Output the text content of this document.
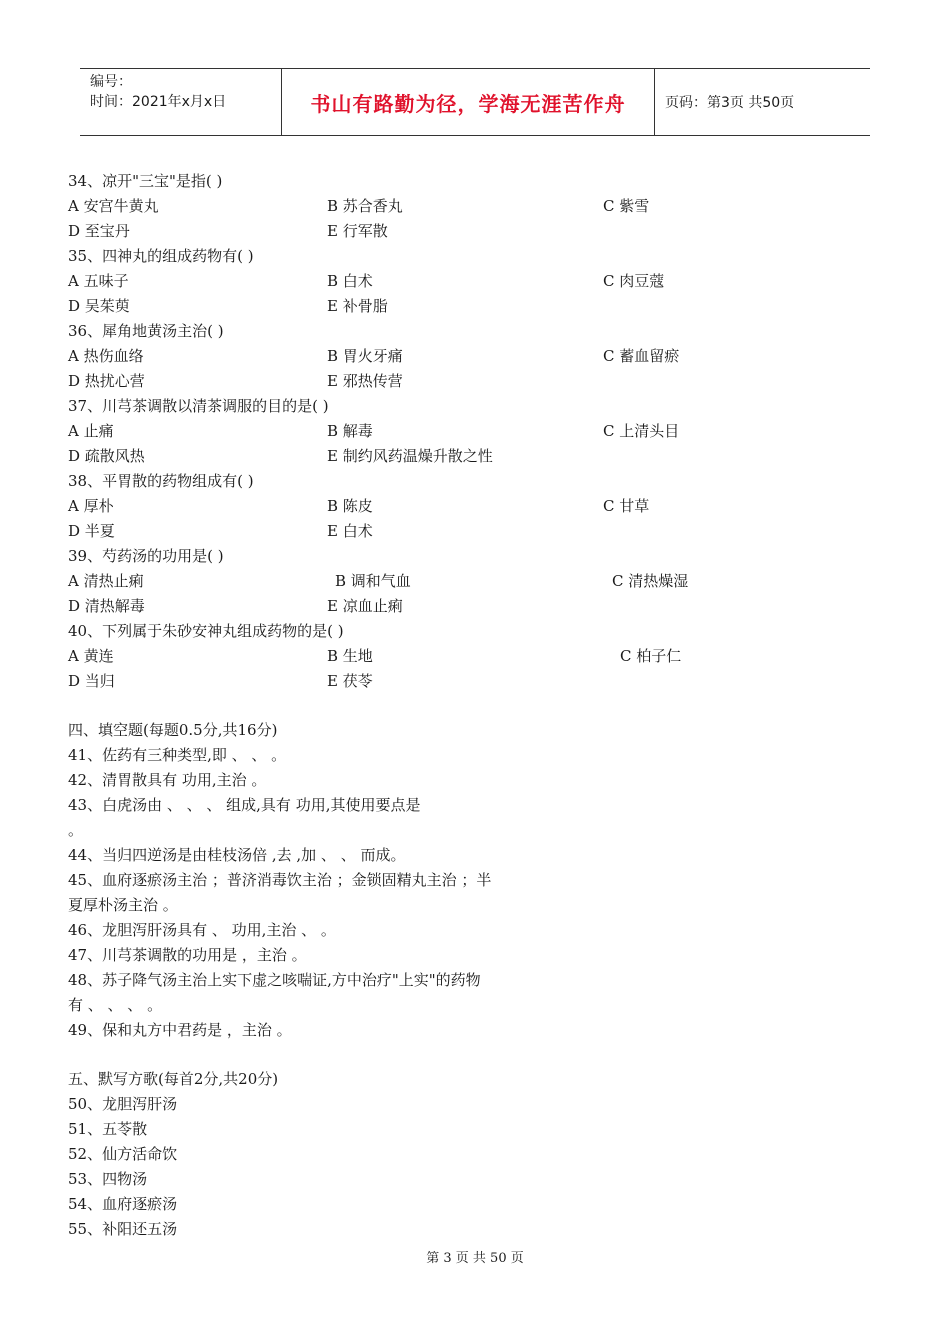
编号：
时间：2021年x月x日	书山有路勤为径，学海无涯苦作舟	页码：第3页 共50页
34、凉开"三宝"是指( )
A 安宫牛黄丸	B 苏合香丸	C 紫雪
D 至宝丹	E 行军散
35、四神丸的组成药物有( )
A 五味子	B 白术	C 肉豆蔻
D 吴茱萸	E 补骨脂
36、犀角地黄汤主治( )
A 热伤血络	B 胃火牙痛	C 蓄血留瘀
D 热扰心营	E 邪热传营
37、川芎茶调散以清茶调服的目的是( )
A 止痛	B 解毒	C 上清头目
D 疏散风热	E 制约风药温燥升散之性
38、平胃散的药物组成有( )
A 厚朴	B 陈皮	C 甘草
D 半夏	E 白术
39、芍药汤的功用是( )
A 清热止痢	B 调和气血	C 清热燥湿
D 清热解毒	E 凉血止痢
40、下列属于朱砂安神丸组成药物的是( )
A 黄连	B 生地	C 柏子仁
D 当归	E 茯苓
四、填空题(每题0.5分,共16分)
41、佐药有三种类型,即 、 、 。
42、清胃散具有 功用,主治 。
43、白虎汤由 、 、 、 组成,具有 功用,其使用要点是
。
44、当归四逆汤是由桂枝汤倍 ,去 ,加 、 、 而成。
45、血府逐瘀汤主治 ；普济消毒饮主治 ；金锁固精丸主治 ；半
夏厚朴汤主治 。
46、龙胆泻肝汤具有 、 功用,主治 、 。
47、川芎茶调散的功用是 ，主治 。
48、苏子降气汤主治上实下虚之咳喘证,方中治疗"上实"的药物
有 、 、 、 。
49、保和丸方中君药是 ，主治 。
五、默写方歌(每首2分,共20分)
50、龙胆泻肝汤
51、五苓散
52、仙方活命饮
53、四物汤
54、血府逐瘀汤
55、补阳还五汤
第 3 页 共 50 页
